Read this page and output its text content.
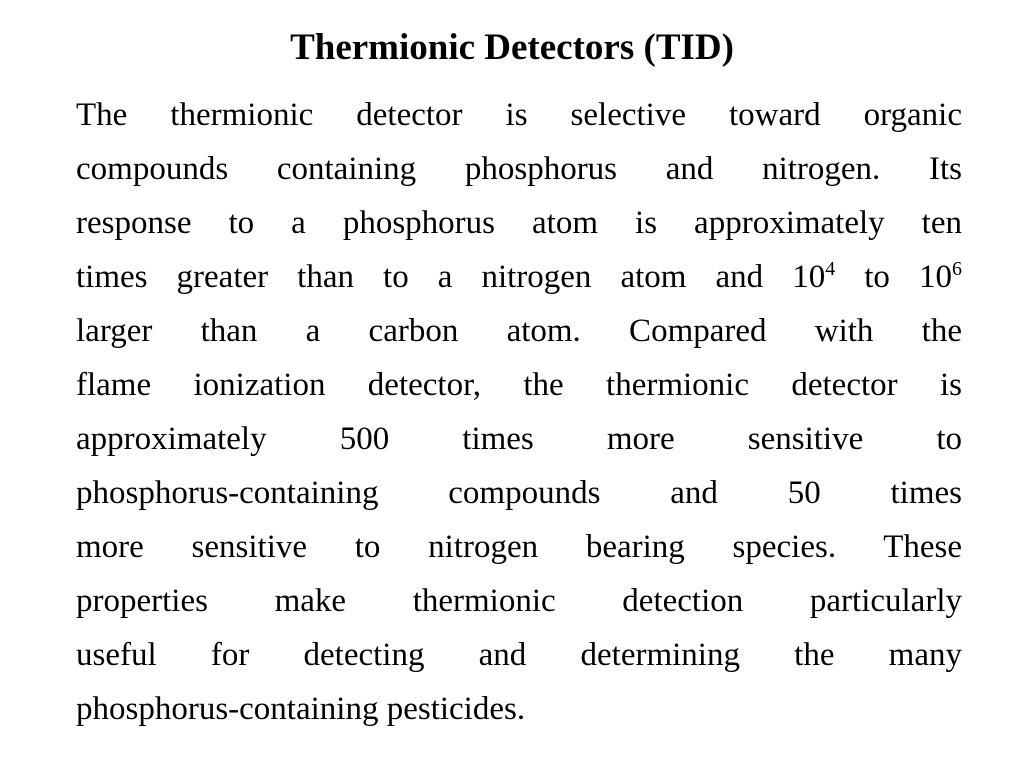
Thermionic Detectors (TID)
The thermionic detector is selective toward organic
compounds containing phosphorus and nitrogen. Its
response to a phosphorus atom is approximately ten
times greater than to a nitrogen atom and $10^4$ to $10^6$
larger than a carbon atom. Compared with the
flame ionization detector, the thermionic detector is
approximately 500 times more sensitive to
phosphorus-containing compounds and 50 times
more sensitive to nitrogen bearing species. These
properties make thermionic detection particularly
useful for detecting and determining the many
phosphorus-containing pesticides.
